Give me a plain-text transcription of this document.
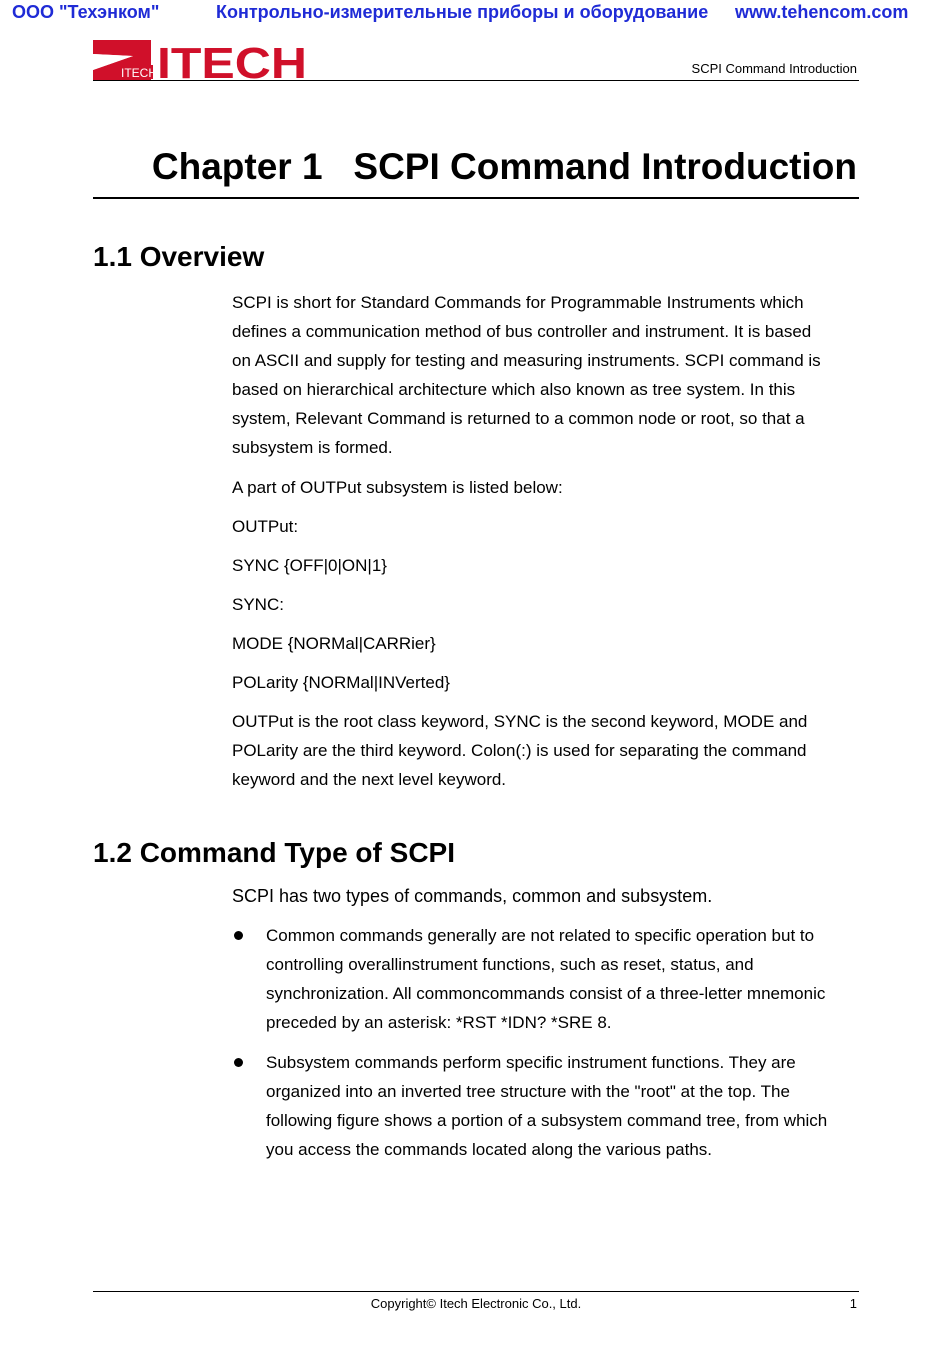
ООО "Техэнком"	Контрольно-измерительные приборы и оборудование www.tehencom.com
ITECH ITECH	SCPI Command Introduction
Chapter 1   SCPI Command Introduction
1.1 Overview

SCPI is short for Standard Commands for Programmable Instruments which
defines a communication method of bus controller and instrument. It is based
on ASCII and supply for testing and measuring instruments. SCPI command is
based on hierarchical architecture which also known as tree system. In this
system, Relevant Command is returned to a common node or root, so that a
subsystem is formed.

A part of OUTPut subsystem is listed below:

OUTPut:

SYNC {OFF|0|ON|1}

SYNC:

MODE {NORMal|CARRier}

POLarity {NORMal|INVerted}

OUTPut is the root class keyword, SYNC is the second keyword, MODE and
POLarity are the third keyword. Colon(:) is used for separating the command
keyword and the next level keyword.

1.2 Command Type of SCPI

SCPI has two types of commands, common and subsystem.

Common commands generally are not related to specific operation but to
controlling overallinstrument functions, such as reset, status, and
synchronization. All commoncommands consist of a three-letter mnemonic
preceded by an asterisk: *RST *IDN? *SRE 8.

Subsystem commands perform specific instrument functions. They are
organized into an inverted tree structure with the "root" at the top. The
following figure shows a portion of a subsystem command tree, from which
you access the commands located along the various paths.

Copyright© Itech Electronic Co., Ltd.	1
